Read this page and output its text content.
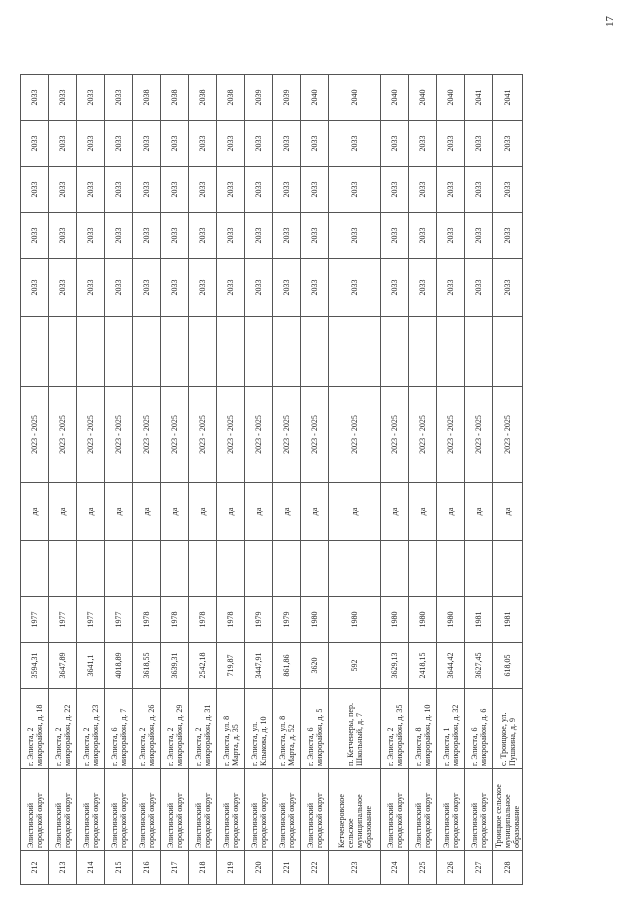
212	Элистинский городской округ	г. Элиста, 2 микрорайон, д. 18	3594,31	1977		да	2023 - 2025		2033	2033	2033	2033	2033
213	Элистинский городской округ	г. Элиста, 2 микрорайон, д. 22	3647,89	1977		да	2023 - 2025		2033	2033	2033	2033	2033
214	Элистинский городской округ	г. Элиста, 2 микрорайон, д. 23	3641,1	1977		да	2023 - 2025		2033	2033	2033	2033	2033
215	Элистинский городской округ	г. Элиста, 6 микрорайон, д. 7	4018,89	1977		да	2023 - 2025		2033	2033	2033	2033	2033
216	Элистинский городской округ	г. Элиста, 2 микрорайон, д. 26	3618,55	1978		да	2023 - 2025		2033	2033	2033	2033	2038
217	Элистинский городской округ	г. Элиста, 2 микрорайон, д. 29	3639,31	1978		да	2023 - 2025		2033	2033	2033	2033	2038
218	Элистинский городской округ	г. Элиста, 2 микрорайон, д. 31	2542,18	1978		да	2023 - 2025		2033	2033	2033	2033	2038
219	Элистинский городской округ	г. Элиста, ул. 8 Марта, д. 35	719,87	1978		да	2023 - 2025		2033	2033	2033	2033	2038
220	Элистинский городской округ	г. Элиста, ул. Клыкова, д. 10	3447,91	1979		да	2023 - 2025		2033	2033	2033	2033	2039
221	Элистинский городской округ	г. Элиста, ул. 8 Марта, д. 52	861,86	1979		да	2023 - 2025		2033	2033	2033	2033	2039
222	Элистинский городской округ	г. Элиста, 6 микрорайон, д. 5	3620	1980		да	2023 - 2025		2033	2033	2033	2033	2040
223	Кетченеровское сельское муниципальное образование	п. Кетченеры, пер. Школьный, д. 7	592	1980		да	2023 - 2025		2033	2033	2033	2033	2040
224	Элистинский городской округ	г. Элиста, 2 микрорайон, д. 35	3629,13	1980		да	2023 - 2025		2033	2033	2033	2033	2040
225	Элистинский городской округ	г. Элиста, 8 микрорайон, д. 10	2418,15	1980		да	2023 - 2025		2033	2033	2033	2033	2040
226	Элистинский городской округ	г. Элиста, 1 микрорайон, д. 32	3644,42	1980		да	2023 - 2025		2033	2033	2033	2033	2040
227	Элистинский городской округ	г. Элиста, 6 микрорайон, д. 6	3627,45	1981		да	2023 - 2025		2033	2033	2033	2033	2041
228	Троицкое сельское муниципальное образование	с. Троицкое, ул. Пушкина, д. 9	618,05	1981		да	2023 - 2025		2033	2033	2033	2033	2041
17
